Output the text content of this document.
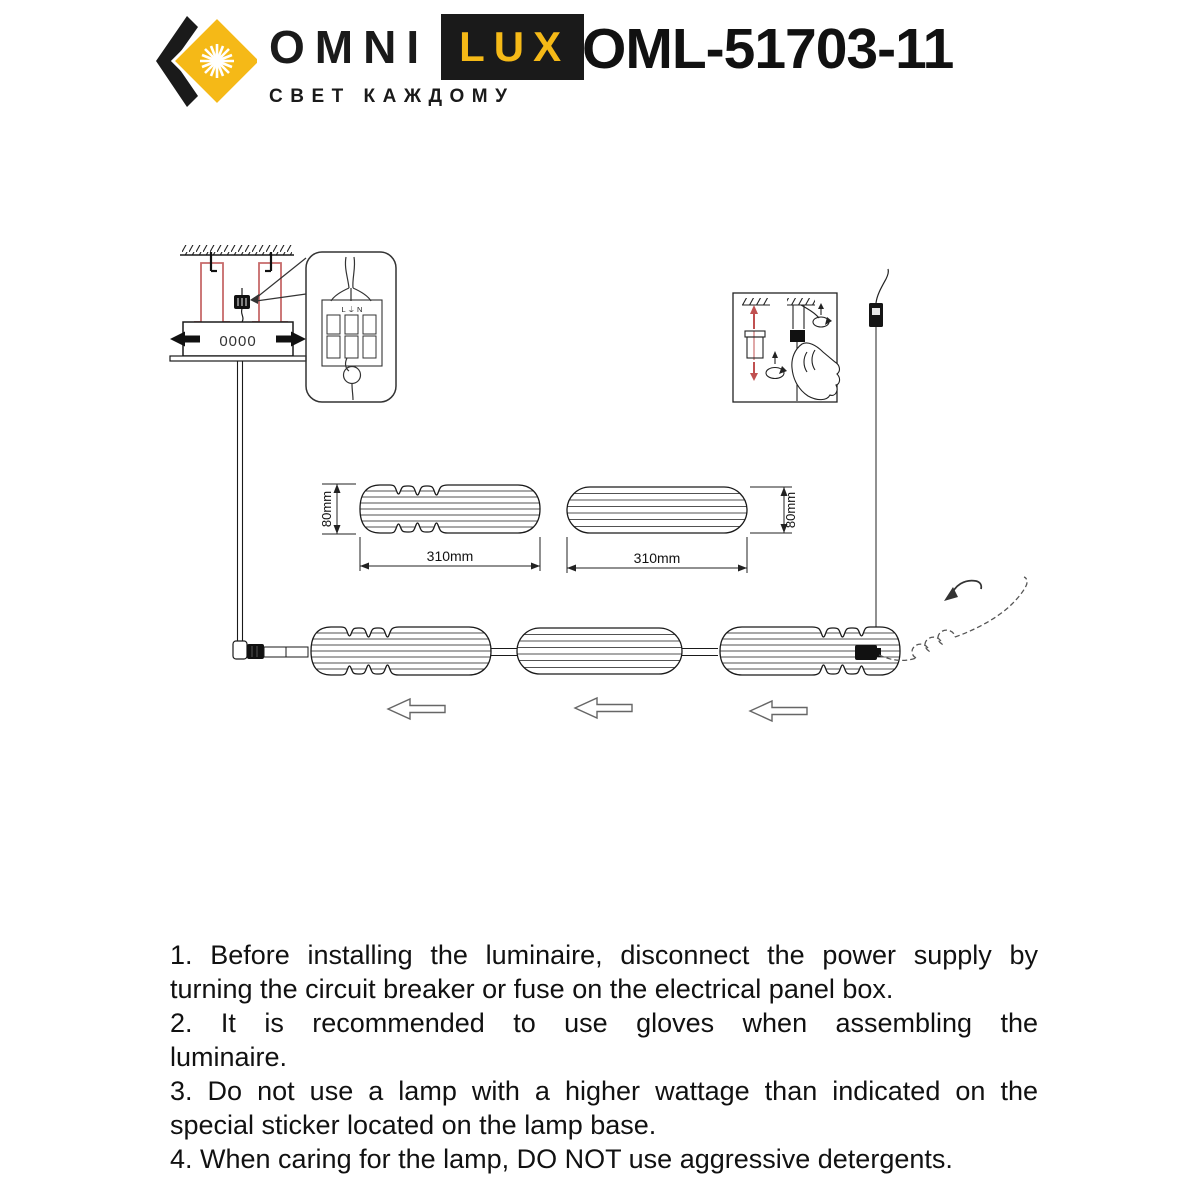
OMNI LUX
СВЕТ КАЖДОМУ
OML-51703-11
0000
L ⏚ N
80mm
310mm	310mm
80mm
1. Before installing the luminaire, disconnect the power supply by
turning the circuit breaker or fuse on the electrical panel box.
2. It is recommended to use gloves when assembling the
luminaire.
3. Do not use a lamp with a higher wattage than indicated on the
special sticker located on the lamp base.
4. When caring for the lamp, DO NOT use aggressive detergents.
